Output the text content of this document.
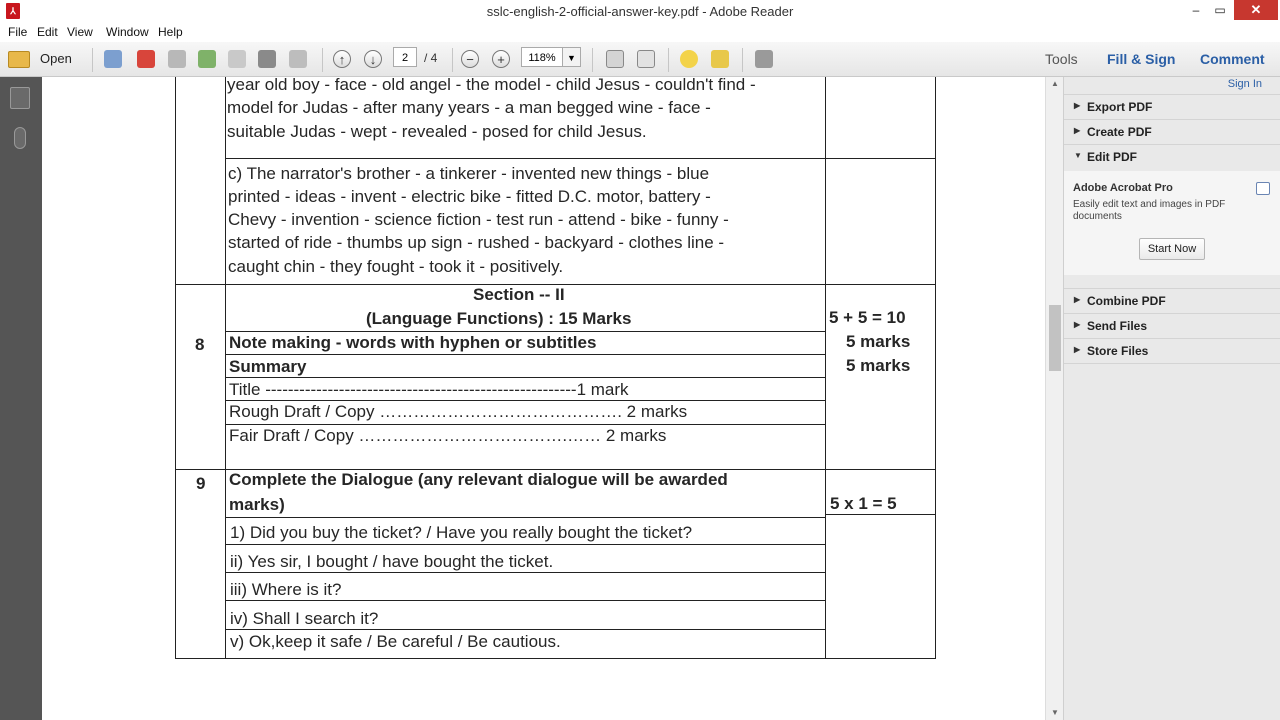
⅄	sslc-english-2-official-answer-key.pdf - Adobe Reader	‒	▭	✕
File Edit View Window Help
Open	↑	↓	−	+
2	/ 4	118%	▼	Tools Fill & Sign Comment
year old boy - face - old angel - the model - child Jesus - couldn't find -
model for Judas - after many years - a man begged wine - face -
suitable Judas - wept - revealed - posed for child Jesus.
c) The narrator's brother - a tinkerer - invented new things - blue
printed - ideas - invent - electric bike - fitted D.C. motor, battery -
Chevy - invention - science fiction - test run - attend - bike - funny -
started of ride - thumbs up sign - rushed - backyard - clothes line -
caught chin - they fought - took it - positively.
Section -- II
(Language Functions) : 15 Marks	5 + 5 = 10
8 Note making - words with hyphen or subtitles	5 marks
Summary	5 marks
Title -------------------------------------------------------1 mark
Rough Draft / Copy ……………………………………. 2 marks
Fair Draft / Copy ……………………………….…… 2 marks
9 Complete the Dialogue (any relevant dialogue will be awarded
marks)	5 x 1 = 5
1) Did you buy the ticket? / Have you really bought the ticket?
ii) Yes sir, I bought / have bought the ticket.
iii) Where is it?
iv) Shall I search it?
v) Ok,keep it safe / Be careful / Be cautious.
▲
▼
Sign In
▶ Export PDF
▶ Create PDF
▼ Edit PDF
Adobe Acrobat Pro
Easily edit text and images in PDF documents
Start Now
▶ Combine PDF
▶ Send Files
▶ Store Files
